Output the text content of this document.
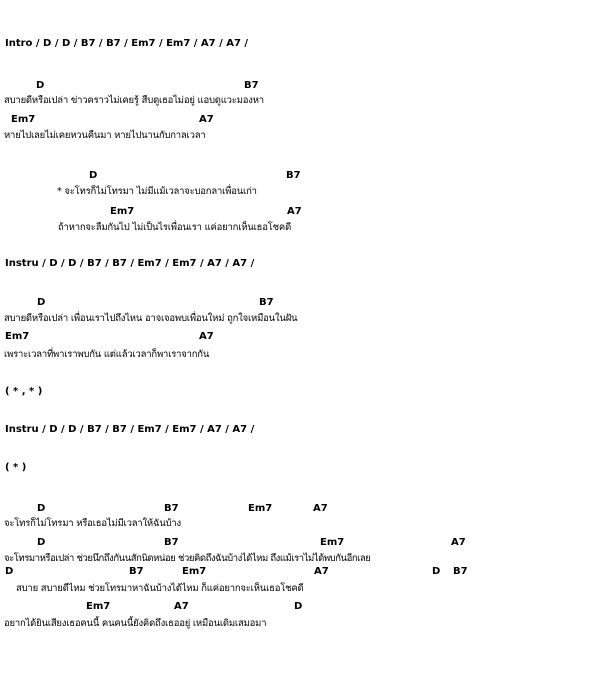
Intro / D / D / B7 / B7 / Em7 / Em7 / A7 / A7 /
D	B7
สบายดีหรือเปล่า ข่าวคราวไม่เคยรู้ สืบดูเธอไม่อยู่ แอบดูแวะมองหา
Em7	A7
หายไปเลยไม่เคยหวนคืนมา หายไปนานกับกาลเวลา
D	B7
* จะโทรก็ไม่โทรมา ไม่มีแม้เวลาจะบอกลาเพื่อนเก่า
Em7	A7
ถ้าหากจะลืมกันไป ไม่เป็นไรเพื่อนเรา แค่อยากเห็นเธอโชคดี
Instru / D / D / B7 / B7 / Em7 / Em7 / A7 / A7 /
D	B7
สบายดีหรือเปล่า เพื่อนเราไปถึงไหน อาจเจอพบเพื่อนใหม่ ถูกใจเหมือนในฝัน
Em7	A7
เพราะเวลาที่พาเราพบกัน แต่แล้วเวลาก็พาเราจากกัน
( * , * )
Instru / D / D / B7 / B7 / Em7 / Em7 / A7 / A7 /
( * )
D	B7	Em7	A7
จะโทรก็ไม่โทรมา หรือเธอไม่มีเวลาให้ฉันบ้าง
D	B7	Em7	A7
จะโทรมาหรือเปล่า ช่วยนึกถึงกันนสักนิดหน่อย ช่วยคิดถึงฉันบ้างได้ไหม ถึงแม้เราไม่ได้พบกันอีกเลย
D	B7	Em7	A7	D B7
สบาย สบายดีไหม ช่วยโทรมาหาฉันบ้างได้ไหม ก็แค่อยากจะเห็นเธอโชคดี
Em7	A7	D
อยากได้ยินเสียงเธอคนนี้ คนคนนี้ยังคิดถึงเธออยู่ เหมือนเดิมเสมอมา
